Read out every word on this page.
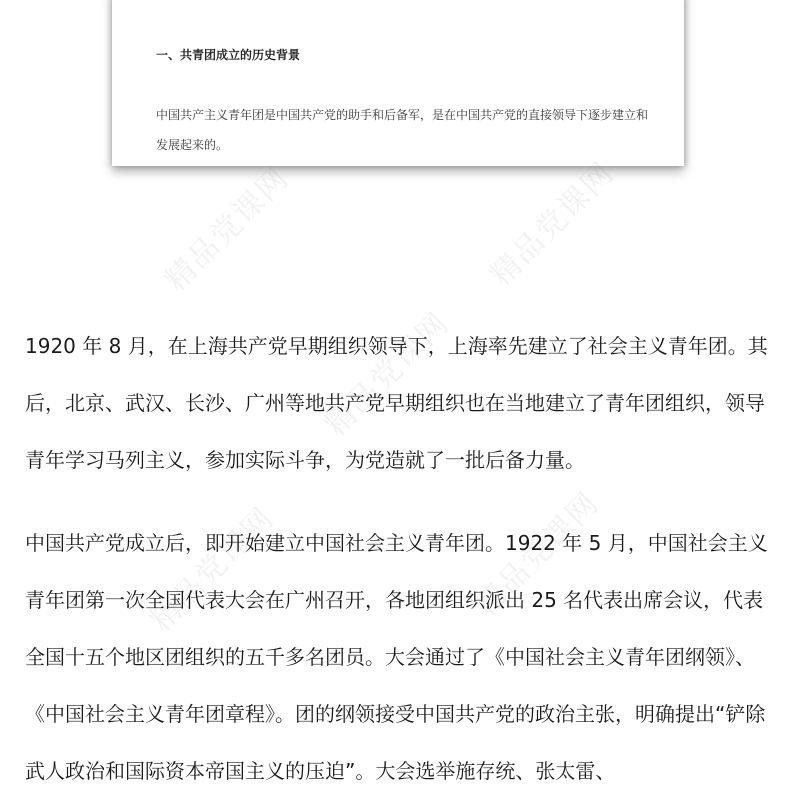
一、共青团成立的历史背景
中国共产主义青年团是中国共产党的助手和后备军，是在中国共产党的直接领导下逐步建立和发展起来的。
精品党课网	精品党课网
精品党课网
精品党课网	精品党课网
1920 年 8 月，在上海共产党早期组织领导下，上海率先建立了社会主义青年团。其后，北京、武汉、长沙、广州等地共产党早期组织也在当地建立了青年团组织，领导青年学习马列主义，参加实际斗争，为党造就了一批后备力量。
中国共产党成立后，即开始建立中国社会主义青年团。1922 年 5 月，中国社会主义青年团第一次全国代表大会在广州召开，各地团组织派出 25 名代表出席会议，代表全国十五个地区团组织的五千多名团员。大会通过了《中国社会主义青年团纲领》、《中国社会主义青年团章程》。团的纲领接受中国共产党的政治主张，明确提出“铲除武人政治和国际资本帝国主义的压迫”。大会选举施存统、张太雷、
